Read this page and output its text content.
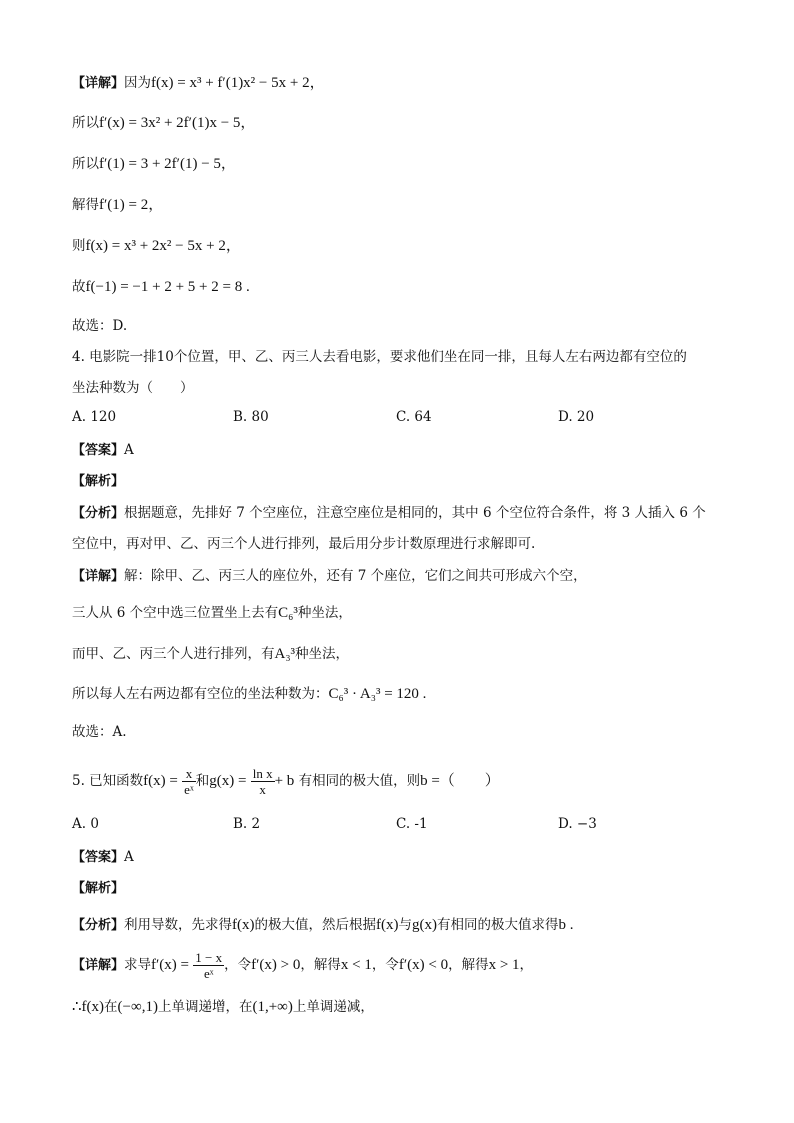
【详解】因为f(x) = x³ + f′(1)x² − 5x + 2，
所以f′(x) = 3x² + 2f′(1)x − 5，
所以f′(1) = 3 + 2f′(1) − 5，
解得f′(1) = 2，
则f(x) = x³ + 2x² − 5x + 2，
故f(−1) = −1 + 2 + 5 + 2 = 8 .
故选：D.
4. 电影院一排10个位置，甲、乙、丙三人去看电影，要求他们坐在同一排，且每人左右两边都有空位的
坐法种数为（　　）
A. 120	B. 80	C. 64	D. 20
【答案】A
【解析】
【分析】根据题意，先排好 7 个空座位，注意空座位是相同的，其中 6 个空位符合条件，将 3 人插入 6 个
空位中，再对甲、乙、丙三个人进行排列，最后用分步计数原理进行求解即可.
【详解】解：除甲、乙、丙三人的座位外，还有 7 个座位，它们之间共可形成六个空，
三人从 6 个空中选三位置坐上去有C₆³种坐法，
而甲、乙、丙三个人进行排列，有A₃³种坐法，
所以每人左右两边都有空位的坐法种数为：C₆³ · A₃³ = 120 .
故选：A.
5. 已知函数$f(x) = \frac{x}{\text{eˣ}}$ 和$g(x) = \frac{\text{ln x}}{x} + b$ 有相同的极大值，则b =（　　）
A. 0	B. 2	C. -1	D. −3
【答案】A
【解析】
【分析】利用导数，先求得f(x)的极大值，然后根据f(x)与g(x)有相同的极大值求得b .
【详解】求导$f'(x) = \frac{1 - x}{\text{eˣ}}$ ，令f′(x) > 0，解得x < 1，令f′(x) < 0，解得x > 1，
∴f(x)在(−∞,1)上单调递增，在(1,+∞)上单调递减，
